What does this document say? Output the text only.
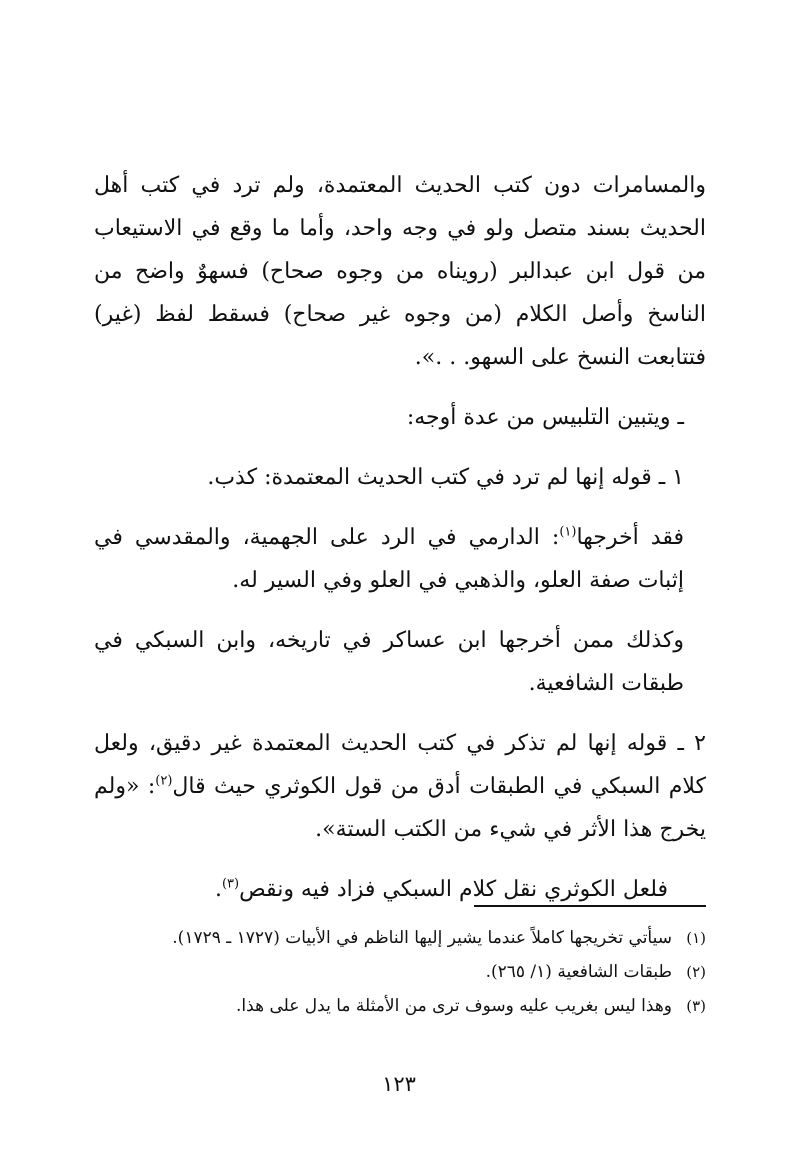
والمسامرات دون كتب الحديث المعتمدة، ولم ترد في كتب أهل الحديث بسند متصل ولو في وجه واحد، وأما ما وقع في الاستيعاب من قول ابن عبدالبر (رويناه من وجوه صحاح) فسهوٌ واضح من الناسخ وأصل الكلام (من وجوه غير صحاح) فسقط لفظ (غير) فتتابعت النسخ على السهو. . .».

ـ ويتبين التلبيس من عدة أوجه:

١ ـ قوله إنها لم ترد في كتب الحديث المعتمدة: كذب.

فقد أخرجها$^{(١)}$: الدارمي في الرد على الجهمية، والمقدسي في إثبات صفة العلو، والذهبي في العلو وفي السير له.

وكذلك ممن أخرجها ابن عساكر في تاريخه، وابن السبكي في طبقات الشافعية.

٢ ـ قوله إنها لم تذكر في كتب الحديث المعتمدة غير دقيق، ولعل كلام السبكي في الطبقات أدق من قول الكوثري حيث قال$^{(٢)}$: «ولم يخرج هذا الأثر في شيء من الكتب الستة».

فلعل الكوثري نقل كلام السبكي فزاد فيه ونقص$^{(٣)}$.

(١)
سيأتي تخريجها كاملاً عندما يشير إليها الناظم في الأبيات (١٧٢٧ ـ ١٧٢٩).
(٢)
طبقات الشافعية (١/ ٢٦٥).
(٣)
وهذا ليس بغريب عليه وسوف ترى من الأمثلة ما يدل على هذا.
١٢٣
